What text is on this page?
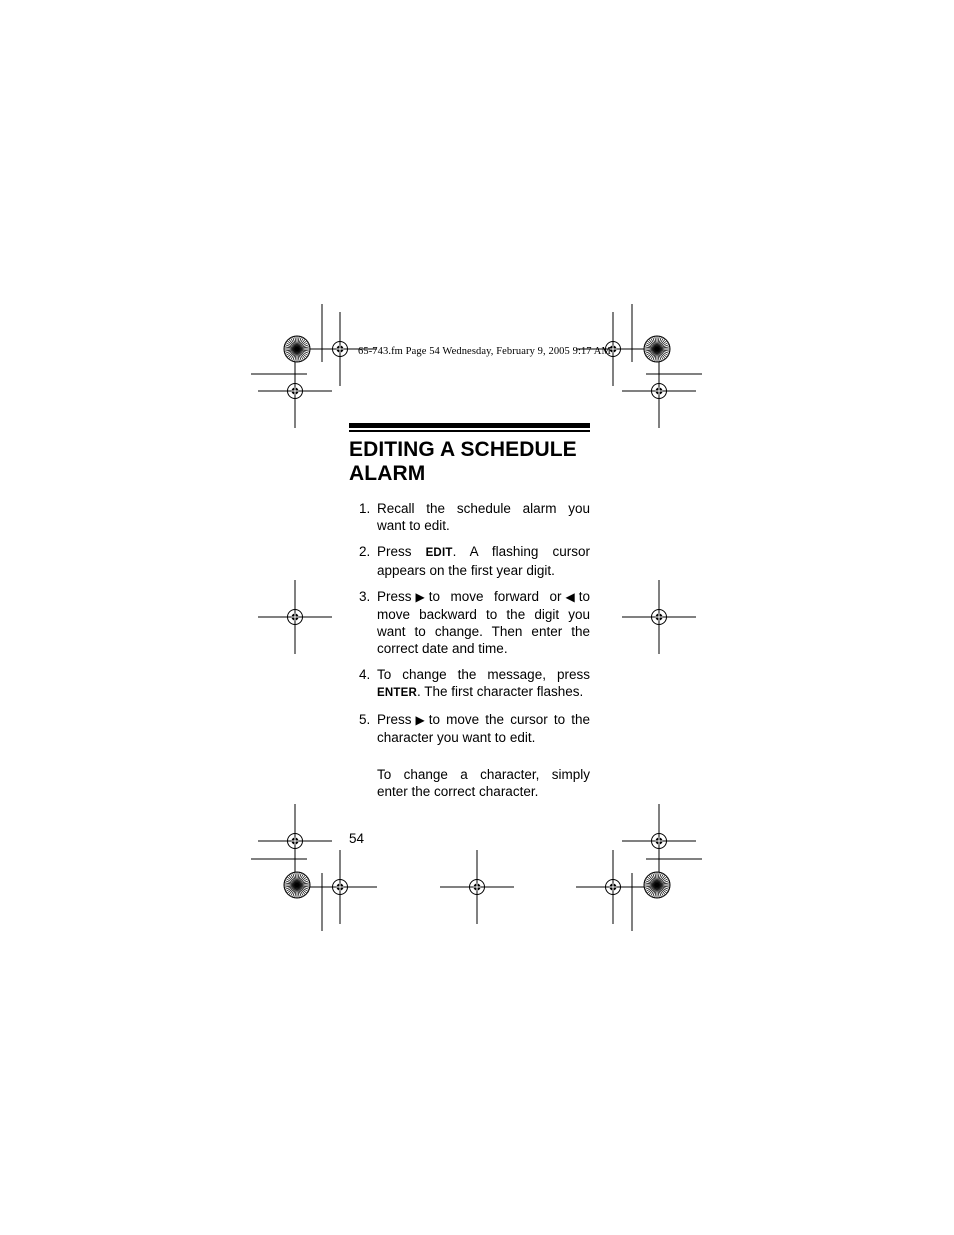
65-743.fm Page 54 Wednesday, February 9, 2005 9:17 AM
EDITING A SCHEDULE
ALARM
1. Recall the schedule alarm you want to edit.
2. Press EDIT. A flashing cursor appears on the first year digit.
3. Press ▶ to move forward or ◀ to move backward to the digit you want to change. Then enter the correct date and time.
4. To change the message, press ENTER. The first character flashes.
5. Press ▶ to move the cursor to the character you want to edit.

To change a character, simply enter the correct character.

54
